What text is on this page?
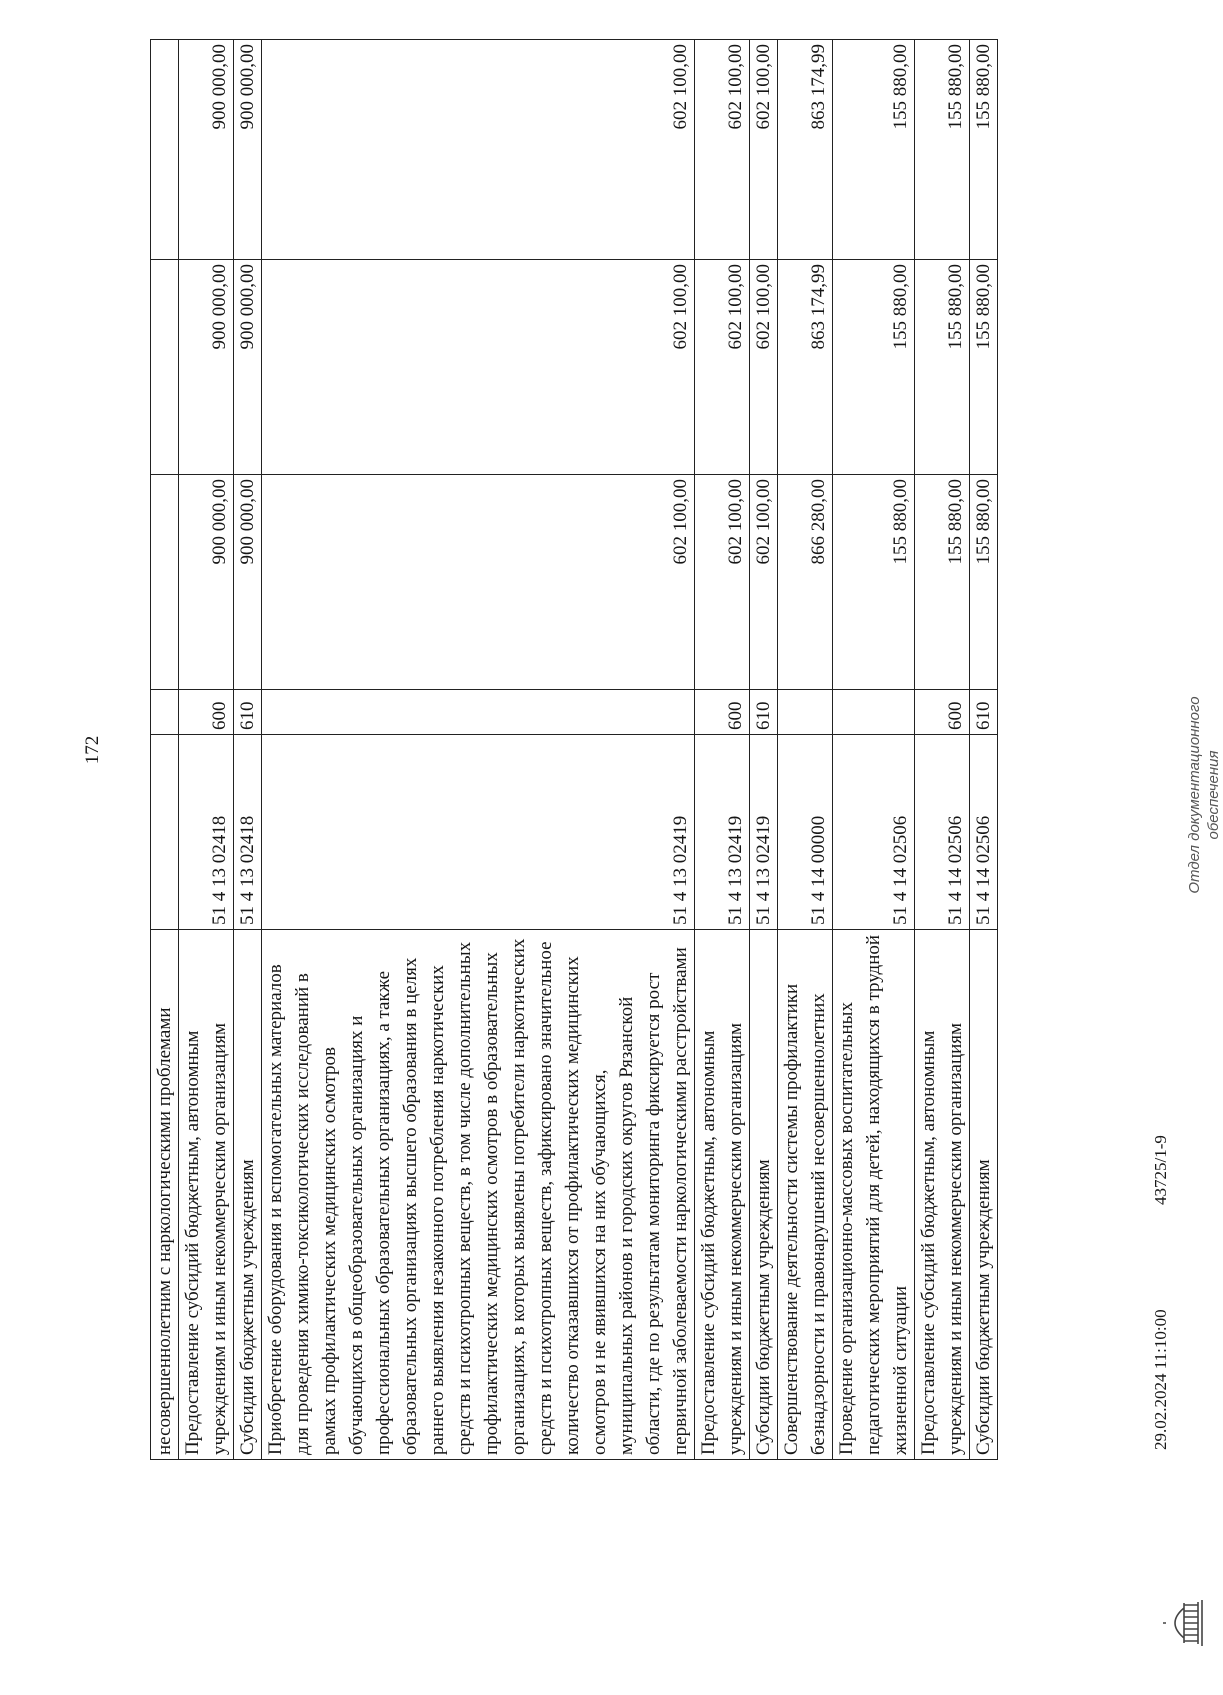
172
несовершеннолетним с наркологическими проблемами					
Предоставление субсидий бюджетным, автономным учреждениям и иным некоммерческим организациям	51 4 13 02418	600	900 000,00	900 000,00	900 000,00
Субсидии бюджетным учреждениям	51 4 13 02418	610	900 000,00	900 000,00	900 000,00
Приобретение оборудования и вспомогательных материалов для проведения химико-токсикологических исследований в рамках профилактических медицинских осмотров обучающихся в общеобразовательных организациях и профессиональных образовательных организациях, а также образовательных организациях высшего образования в целях раннего выявления незаконного потребления наркотических средств и психотропных веществ, в том числе дополнительных профилактических медицинских осмотров в образовательных организациях, в которых выявлены потребители наркотических средств и психотропных веществ, зафиксировано значительное количество отказавшихся от профилактических медицинских осмотров и не явившихся на них обучающихся, муниципальных районов и городских округов Рязанской области, где по результатам мониторинга фиксируется рост первичной заболеваемости наркологическими расстройствами	51 4 13 02419		602 100,00	602 100,00	602 100,00
Предоставление субсидий бюджетным, автономным учреждениям и иным некоммерческим организациям	51 4 13 02419	600	602 100,00	602 100,00	602 100,00
Субсидии бюджетным учреждениям	51 4 13 02419	610	602 100,00	602 100,00	602 100,00
Совершенствование деятельности системы профилактики безнадзорности и правонарушений несовершеннолетних	51 4 14 00000		866 280,00	863 174,99	863 174,99
Проведение организационно-массовых воспитательных педагогических мероприятий для детей, находящихся в трудной жизненной ситуации	51 4 14 02506		155 880,00	155 880,00	155 880,00
Предоставление субсидий бюджетным, автономным учреждениям и иным некоммерческим организациям	51 4 14 02506	600	155 880,00	155 880,00	155 880,00
Субсидии бюджетным учреждениям	51 4 14 02506	610	155 880,00	155 880,00	155 880,00
29.02.2024 11:10:00
43725/1-9
Отдел документационного обеспечения
